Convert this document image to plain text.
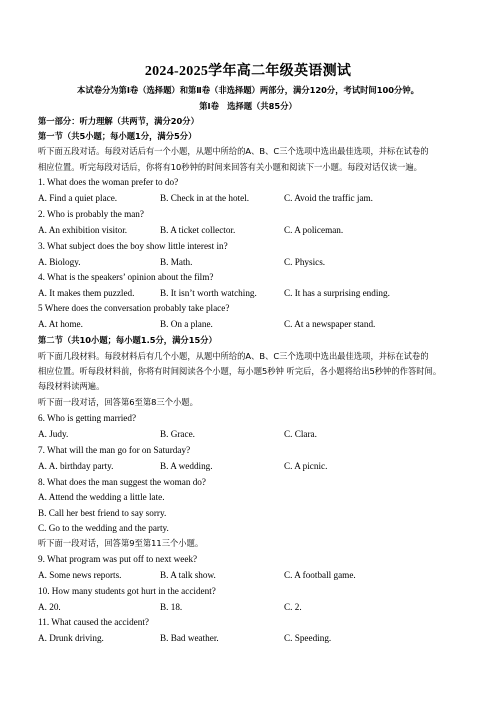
2024-2025学年高二年级英语测试
本试卷分为第Ⅰ卷（选择题）和第Ⅱ卷（非选择题）两部分，满分120分，考试时间100分钟。
第Ⅰ卷　选择题（共85分）
第一部分：听力理解（共两节，满分20分）
第一节（共5小题；每小题1分，满分5分）
听下面五段对话。每段对话后有一个小题，从题中所给的A、B、C三个选项中选出最佳选项，并标在试卷的
相应位置。听完每段对话后，你将有10秒钟的时间来回答有关小题和阅读下一小题。每段对话仅读一遍。
1. What does the woman prefer to do?
A. Find a quiet place.	B. Check in at the hotel.	C. Avoid the traffic jam.
2. Who is probably the man?
A. An exhibition visitor.	B. A ticket collector.	C. A policeman.
3. What subject does the boy show little interest in?
A. Biology.	B. Math.	C. Physics.
4. What is the speakers’ opinion about the film?
A. It makes them puzzled.	B. It isn’t worth watching.	C. It has a surprising ending.
5 Where does the conversation probably take place?
A. At home.	B. On a plane.	C. At a newspaper stand.
第二节（共10小题；每小题1.5分，满分15分）
听下面几段材料。每段材料后有几个小题，从题中所给的A、B、C三个选项中选出最佳选项，并标在试卷的
相应位置。听每段材料前，你将有时间阅读各个小题，每小题5秒钟 听完后，各小题将给出5秒钟的作答时间。
每段材料读两遍。
听下面一段对话，回答第6至第8三个小题。
6. Who is getting married?
A. Judy.	B. Grace.	C. Clara.
7. What will the man go for on Saturday?
A. A. birthday party.	B. A wedding.	C. A picnic.
8. What does the man suggest the woman do?
A. Attend the wedding a little late.
B. Call her best friend to say sorry.
C. Go to the wedding and the party.
听下面一段对话，回答第9至第11三个小题。
9. What program was put off to next week?
A. Some news reports.	B. A talk show.	C. A football game.
10. How many students got hurt in the accident?
A. 20.	B. 18.	C. 2.
11. What caused the accident?
A. Drunk driving.	B. Bad weather.	C. Speeding.
